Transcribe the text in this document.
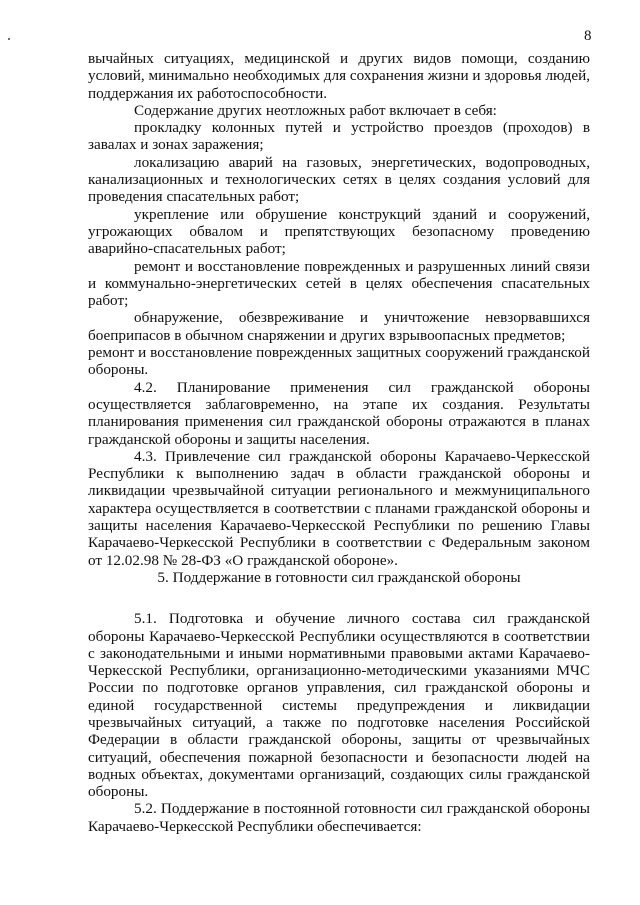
8

вычайных ситуациях, медицинской и других видов помощи, созданию условий, минимально необходимых для сохранения жизни и здоровья людей, поддержания их работоспособности.

Содержание других неотложных работ включает в себя:

прокладку колонных путей и устройство проездов (проходов) в завалах и зонах заражения;

локализацию аварий на газовых, энергетических, водопроводных, канализационных и технологических сетях в целях создания условий для проведения спасательных работ;

укрепление или обрушение конструкций зданий и сооружений, угрожающих обвалом и препятствующих безопасному проведению аварийно-спасательных работ;

ремонт и восстановление поврежденных и разрушенных линий связи и коммунально-энергетических сетей в целях обеспечения спасательных работ;

обнаружение, обезвреживание и уничтожение невзорвавшихся боеприпасов в обычном снаряжении и других взрывоопасных предметов;

ремонт и восстановление поврежденных защитных сооружений гражданской обороны.

4.2. Планирование применения сил гражданской обороны осуществляется заблаговременно, на этапе их создания. Результаты планирования применения сил гражданской обороны отражаются в планах гражданской обороны и защиты населения.

4.3. Привлечение сил гражданской обороны Карачаево-Черкесской Республики к выполнению задач в области гражданской обороны и ликвидации чрезвычайной ситуации регионального и межмуниципального характера осуществляется в соответствии с планами гражданской обороны и защиты населения Карачаево-Черкесской Республики по решению Главы Карачаево-Черкесской Республики в соответствии с Федеральным законом от 12.02.98 № 28-ФЗ «О гражданской обороне».

5. Поддержание в готовности сил гражданской обороны

5.1. Подготовка и обучение личного состава сил гражданской обороны Карачаево-Черкесской Республики осуществляются в соответствии с законодательными и иными нормативными правовыми актами Карачаево-Черкесской Республики, организационно-методическими указаниями МЧС России по подготовке органов управления, сил гражданской обороны и единой государственной системы предупреждения и ликвидации чрезвычайных ситуаций, а также по подготовке населения Российской Федерации в области гражданской обороны, защиты от чрезвычайных ситуаций, обеспечения пожарной безопасности и безопасности людей на водных объектах, документами организаций, создающих силы гражданской обороны.

5.2. Поддержание в постоянной готовности сил гражданской обороны Карачаево-Черкесской Республики обеспечивается:
